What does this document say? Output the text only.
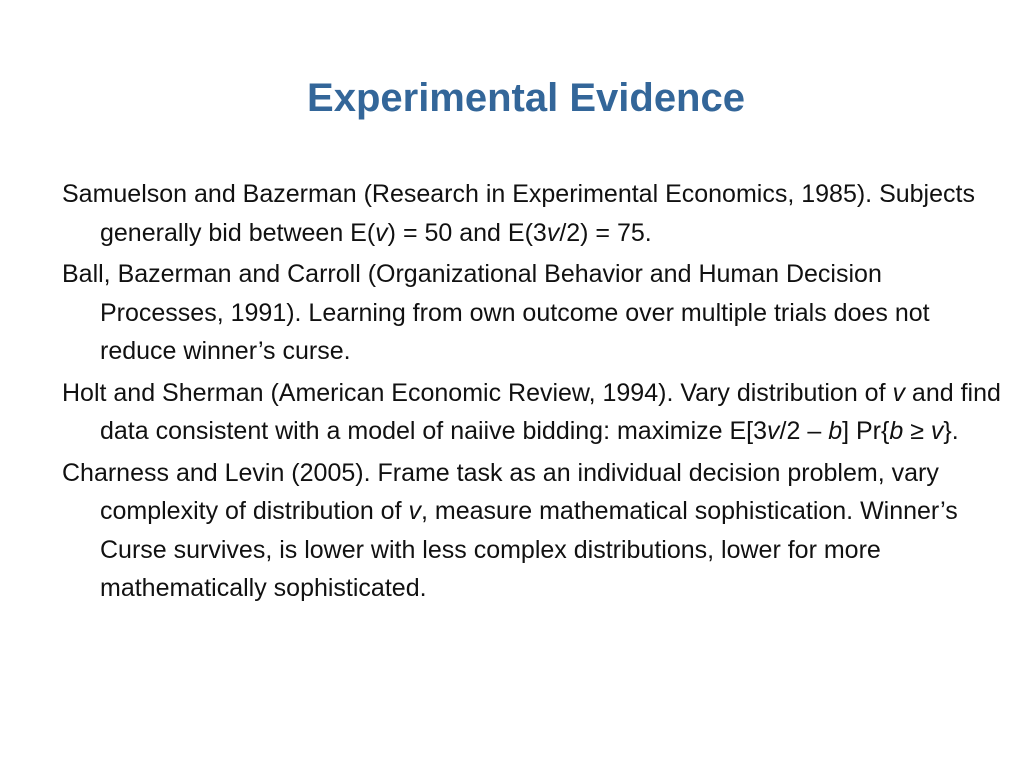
Experimental Evidence

Samuelson and Bazerman (Research in Experimental Economics, 1985). Subjects generally bid between E(v) = 50 and E(3v/2) = 75.

Ball, Bazerman and Carroll (Organizational Behavior and Human Decision Processes, 1991). Learning from own outcome over multiple trials does not reduce winner’s curse.

Holt and Sherman (American Economic Review, 1994). Vary distribution of v and find data consistent with a model of naiive bidding: maximize E[3v/2 – b] Pr{b ≥ v}.

Charness and Levin (2005). Frame task as an individual decision problem, vary complexity of distribution of v, measure mathematical sophistication. Winner’s Curse survives, is lower with less complex distributions, lower for more mathematically sophisticated.
